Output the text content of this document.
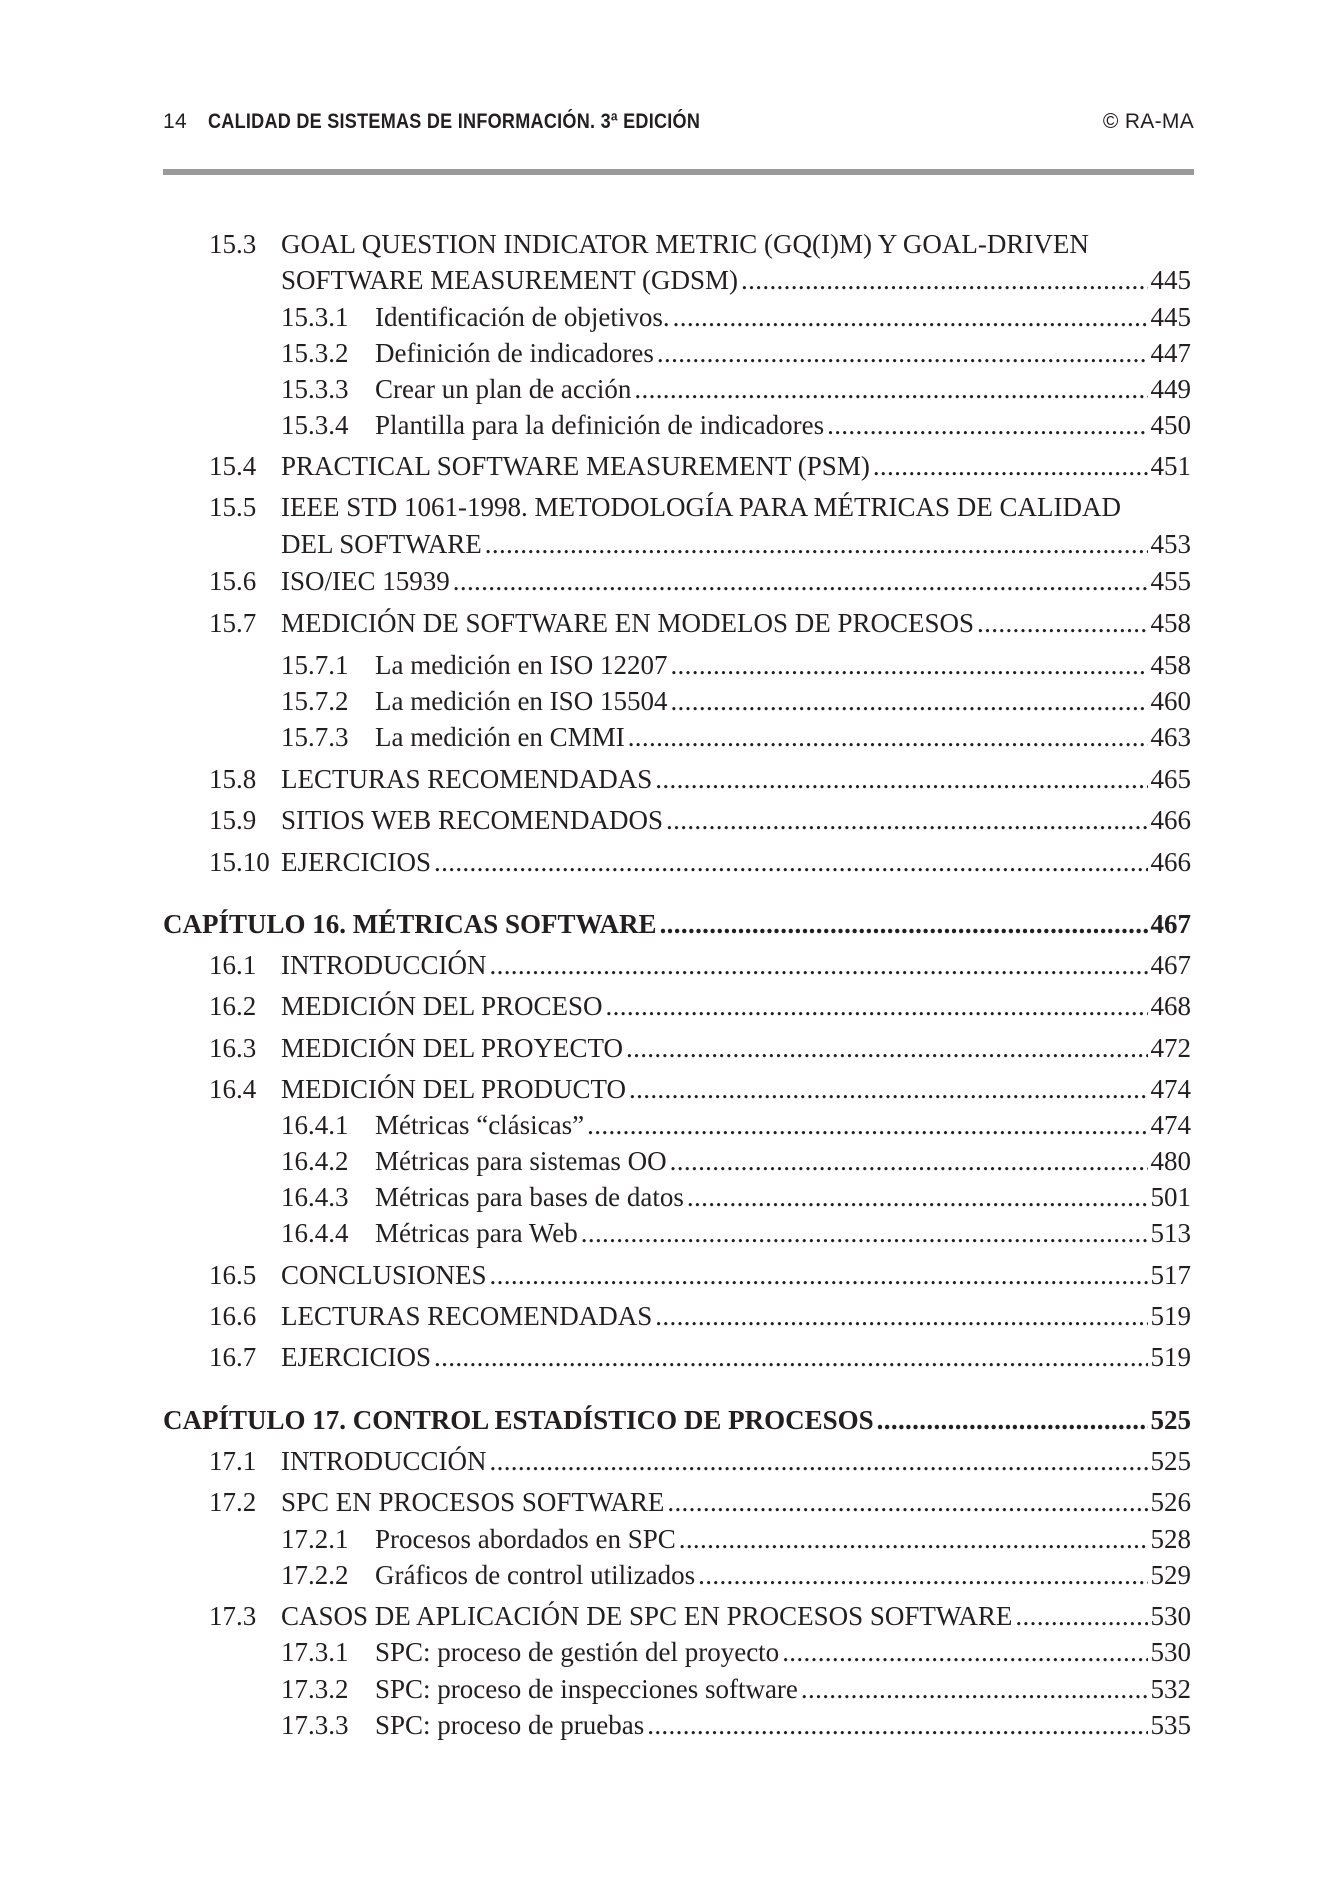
14 CALIDAD DE SISTEMAS DE INFORMACIÓN. 3ª EDICIÓN	© RA-MA
15.3 GOAL QUESTION INDICATOR METRIC (GQ(I)M) Y GOAL-DRIVEN
SOFTWARE MEASUREMENT (GDSM) . . .	445
15.3.1 Identificación de objetivos. . . .	445
15.3.2 Definición de indicadores . . .	447
15.3.3 Crear un plan de acción . . .	449
15.3.4 Plantilla para la definición de indicadores . . .	450
15.4 PRACTICAL SOFTWARE MEASUREMENT (PSM) . . .	451
15.5 IEEE STD 1061-1998. METODOLOGÍA PARA MÉTRICAS DE CALIDAD
DEL SOFTWARE . . .	453
15.6 ISO/IEC 15939 . . .	455
15.7 MEDICIÓN DE SOFTWARE EN MODELOS DE PROCESOS . . .	458
15.7.1 La medición en ISO 12207 . . .	458
15.7.2 La medición en ISO 15504 . . .	460
15.7.3 La medición en CMMI . . .	463
15.8 LECTURAS RECOMENDADAS . . .	465
15.9 SITIOS WEB RECOMENDADOS . . .	466
15.10 EJERCICIOS . . .	466
CAPÍTULO 16. MÉTRICAS SOFTWARE . . .	467
16.1 INTRODUCCIÓN . . .	467
16.2 MEDICIÓN DEL PROCESO . . .	468
16.3 MEDICIÓN DEL PROYECTO . . .	472
16.4 MEDICIÓN DEL PRODUCTO . . .	474
16.4.1 Métricas “clásicas” . . .	474
16.4.2 Métricas para sistemas OO . . .	480
16.4.3 Métricas para bases de datos . . .	501
16.4.4 Métricas para Web . . .	513
16.5 CONCLUSIONES . . .	517
16.6 LECTURAS RECOMENDADAS . . .	519
16.7 EJERCICIOS . . .	519
CAPÍTULO 17. CONTROL ESTADÍSTICO DE PROCESOS . . .	525
17.1 INTRODUCCIÓN . . .	525
17.2 SPC EN PROCESOS SOFTWARE . . .	526
17.2.1 Procesos abordados en SPC . . .	528
17.2.2 Gráficos de control utilizados . . .	529
17.3 CASOS DE APLICACIÓN DE SPC EN PROCESOS SOFTWARE . . .	530
17.3.1 SPC: proceso de gestión del proyecto . . .	530
17.3.2 SPC: proceso de inspecciones software . . .	532
17.3.3 SPC: proceso de pruebas . . .	535
